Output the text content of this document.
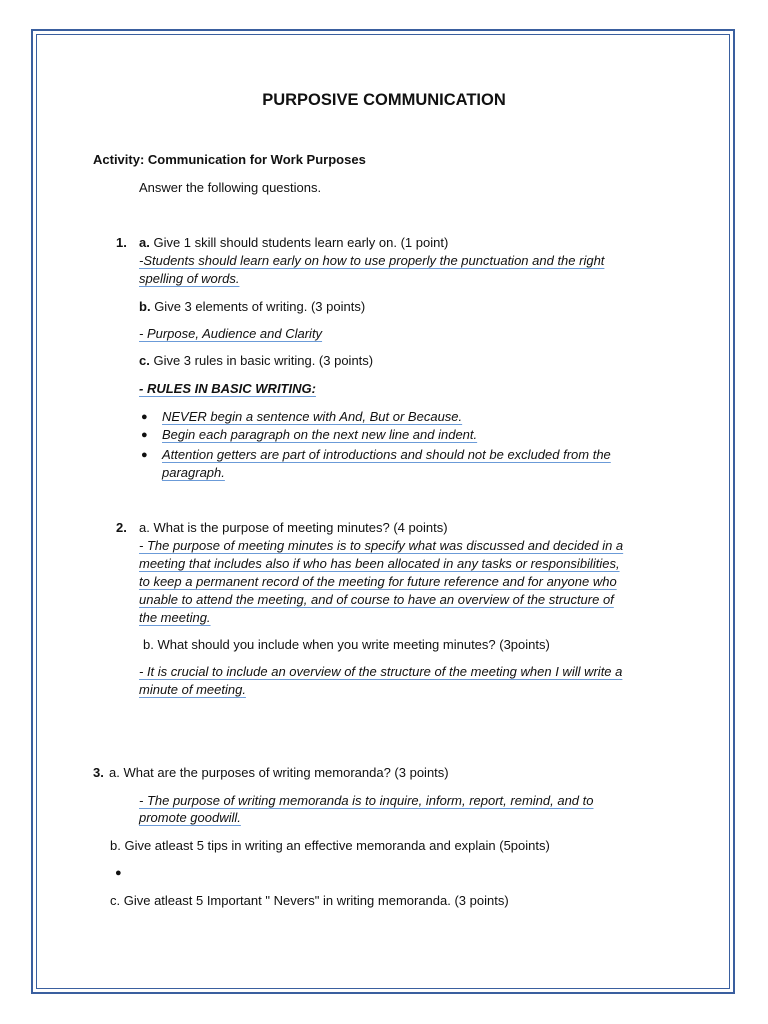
PURPOSIVE COMMUNICATION
Activity: Communication for Work Purposes
Answer the following questions.
1. a. Give 1 skill should students learn early on. (1 point)
-Students should learn early on how to use properly the punctuation and the right
spelling of words.
b. Give 3 elements of writing. (3 points)
- Purpose, Audience and Clarity
c. Give 3 rules in basic writing. (3 points)
- RULES IN BASIC WRITING:
● NEVER begin a sentence with And, But or Because.
● Begin each paragraph on the next new line and indent.
● Attention getters are part of introductions and should not be excluded from the
paragraph.
2. a. What is the purpose of meeting minutes? (4 points)
- The purpose of meeting minutes is to specify what was discussed and decided in a
meeting that includes also if who has been allocated in any tasks or responsibilities,
to keep a permanent record of the meeting for future reference and for anyone who
unable to attend the meeting, and of course to have an overview of the structure of
the meeting.
b. What should you include when you write meeting minutes? (3points)
- It is crucial to include an overview of the structure of the meeting when I will write a
minute of meeting.
3. a. What are the purposes of writing memoranda? (3 points)
- The purpose of writing memoranda is to inquire, inform, report, remind, and to
promote goodwill.
b. Give atleast 5 tips in writing an effective memoranda and explain (5points)
●
c. Give atleast 5 Important " Nevers" in writing memoranda. (3 points)
